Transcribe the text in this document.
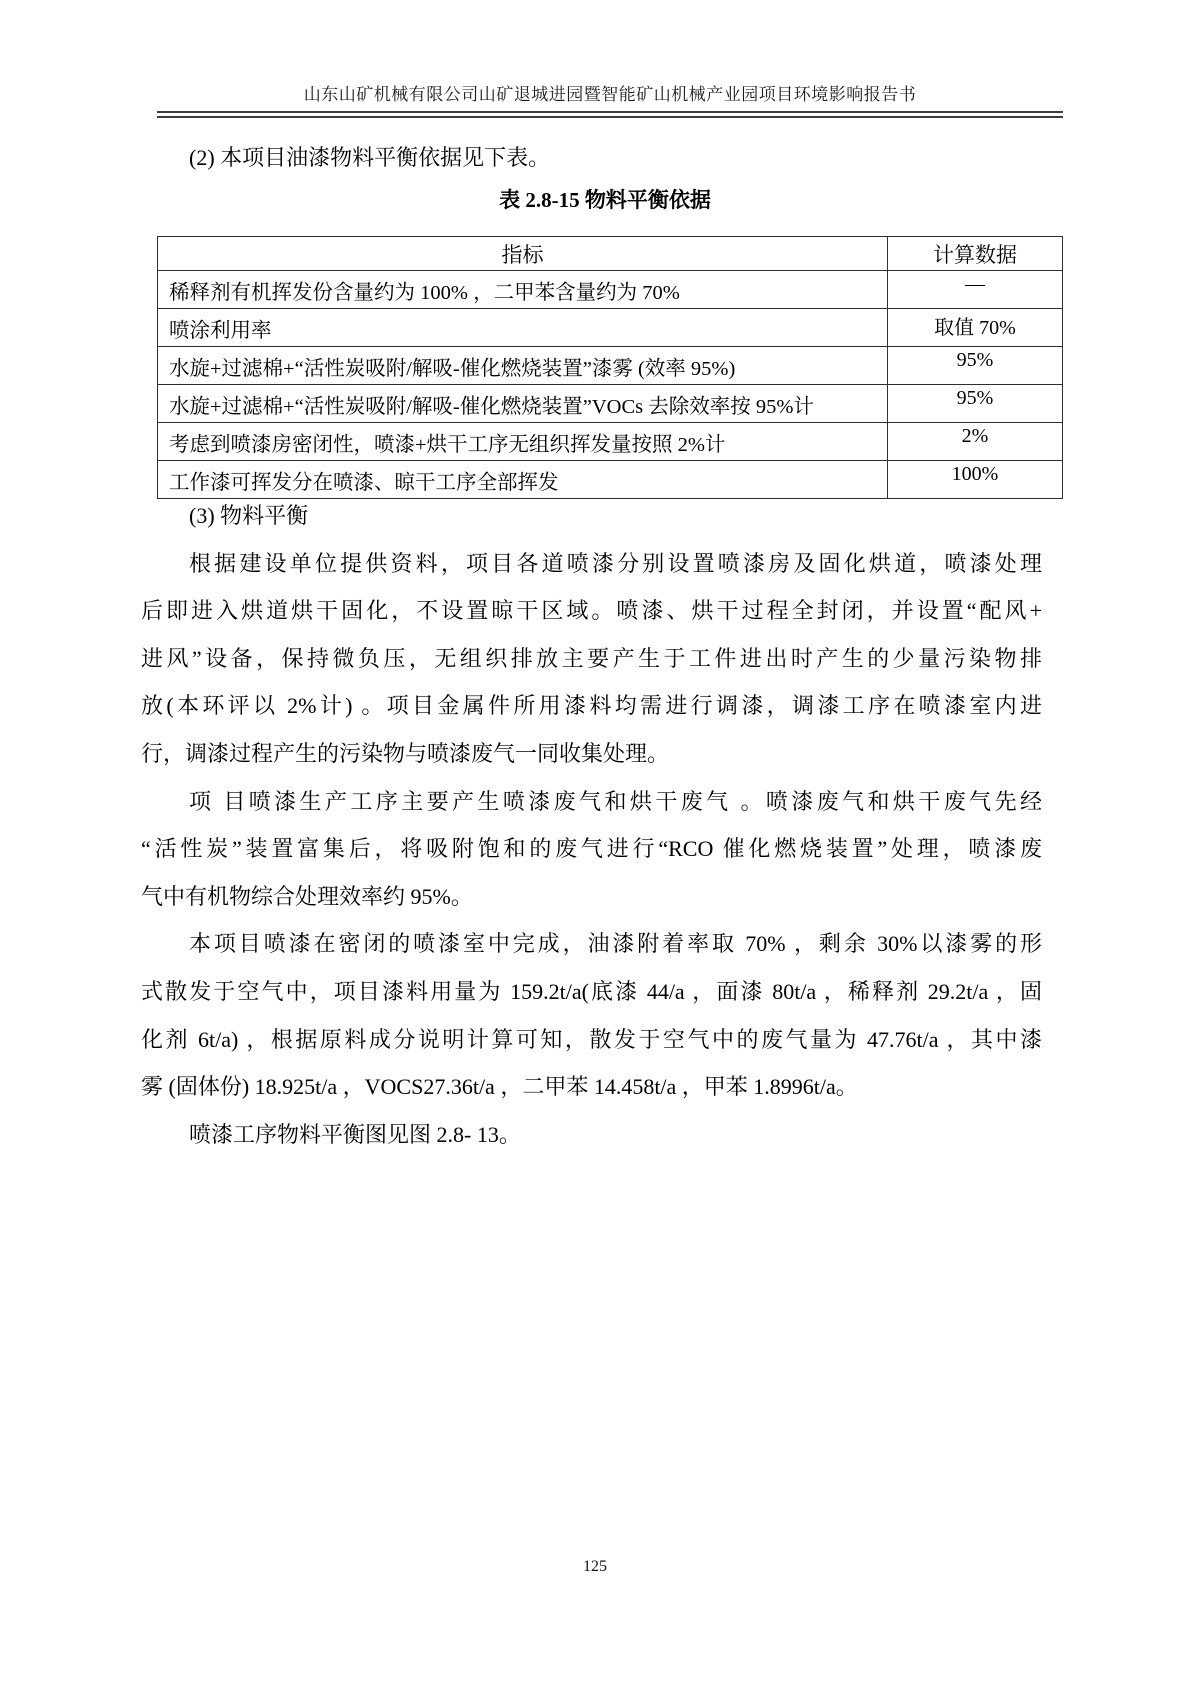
山东山矿机械有限公司山矿退城进园暨智能矿山机械产业园项目环境影响报告书
(2) 本项目油漆物料平衡依据见下表。
表 2.8-15 物料平衡依据
指标	计算数据
稀释剂有机挥发份含量约为 100% ，二甲苯含量约为 70%	—
喷涂利用率	取值 70%
水旋+过滤棉+“活性炭吸附/解吸-催化燃烧装置”漆雾 (效率 95%)	95%
水旋+过滤棉+“活性炭吸附/解吸-催化燃烧装置”VOCs 去除效率按 95%计	95%
考虑到喷漆房密闭性，喷漆+烘干工序无组织挥发量按照 2%计	2%
工作漆可挥发分在喷漆、晾干工序全部挥发	100%
(3) 物料平衡
根据建设单位提供资料，项目各道喷漆分别设置喷漆房及固化烘道，喷漆处理
后即进入烘道烘干固化，不设置晾干区域。喷漆、烘干过程全封闭，并设置“配风+
进风”设备，保持微负压，无组织排放主要产生于工件进出时产生的少量污染物排
放(本环评以 2%计) 。项目金属件所用漆料均需进行调漆，调漆工序在喷漆室内进
行，调漆过程产生的污染物与喷漆废气一同收集处理。
项 目喷漆生产工序主要产生喷漆废气和烘干废气 。喷漆废气和烘干废气先经
“活性炭”装置富集后，将吸附饱和的废气进行“RCO 催化燃烧装置”处理，喷漆废
气中有机物综合处理效率约 95%。
本项目喷漆在密闭的喷漆室中完成，油漆附着率取 70% ，剩余 30%以漆雾的形
式散发于空气中，项目漆料用量为 159.2t/a(底漆 44/a ，面漆 80t/a ，稀释剂 29.2t/a ，固
化剂 6t/a) ，根据原料成分说明计算可知，散发于空气中的废气量为 47.76t/a ，其中漆
雾 (固体份) 18.925t/a ，VOCS27.36t/a ，二甲苯 14.458t/a ，甲苯 1.8996t/a。
喷漆工序物料平衡图见图 2.8- 13。
125
